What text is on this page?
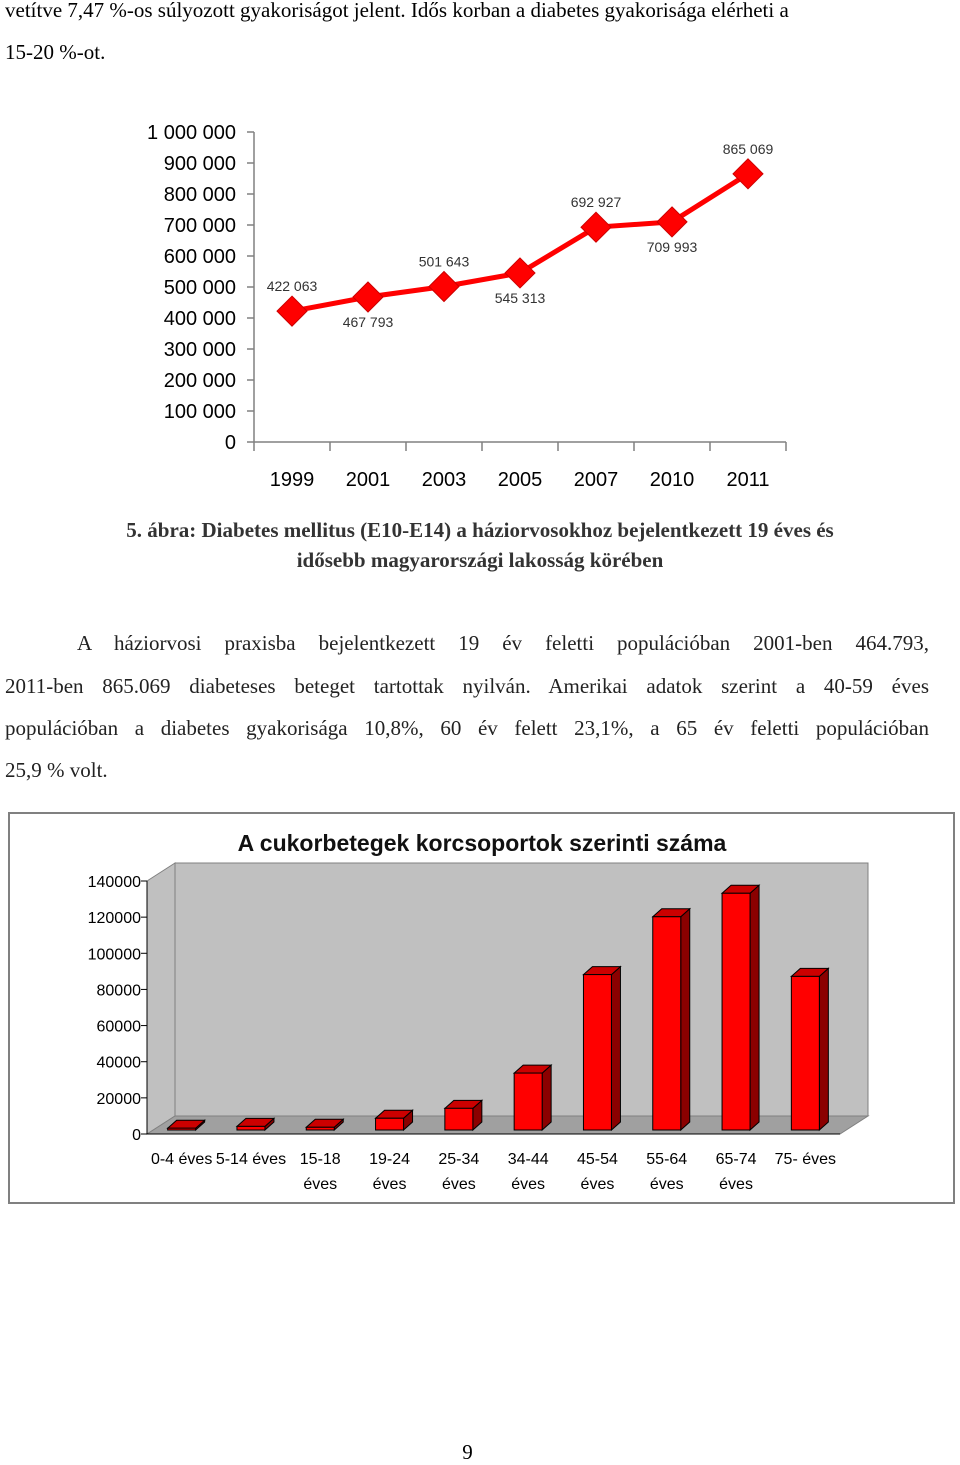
vetítve 7,47 %-os súlyozott gyakoriságot jelent. Idős korban a diabetes gyakorisága elérheti a
15-20 %-ot.
0
100 000
200 000
300 000
400 000
500 000
600 000
700 000
800 000
900 000
1 000 000
1999 2001 2003 2005 2007 2010 2011
422 063
467 793
501 643
545 313
692 927
709 993
865 069
5. ábra: Diabetes mellitus (E10-E14) a háziorvosokhoz bejelentkezett 19 éves és
idősebb magyarországi lakosság körében
A háziorvosi praxisba bejelentkezett 19 év feletti populációban 2001-ben 464.793,
2011-ben 865.069 diabeteses beteget tartottak nyilván. Amerikai adatok szerint a 40-59 éves
populációban a diabetes gyakorisága 10,8%, 60 év felett 23,1%, a 65 év feletti populációban
25,9 % volt.
A cukorbetegek korcsoportok szerinti száma
0
20000
40000
60000
80000
100000
120000
140000
0-4 éves 5-14 éves 15-18
éves
19-24
éves
25-34
éves
34-44
éves
45-54
éves
55-64
éves
65-74
éves
75- éves
9
